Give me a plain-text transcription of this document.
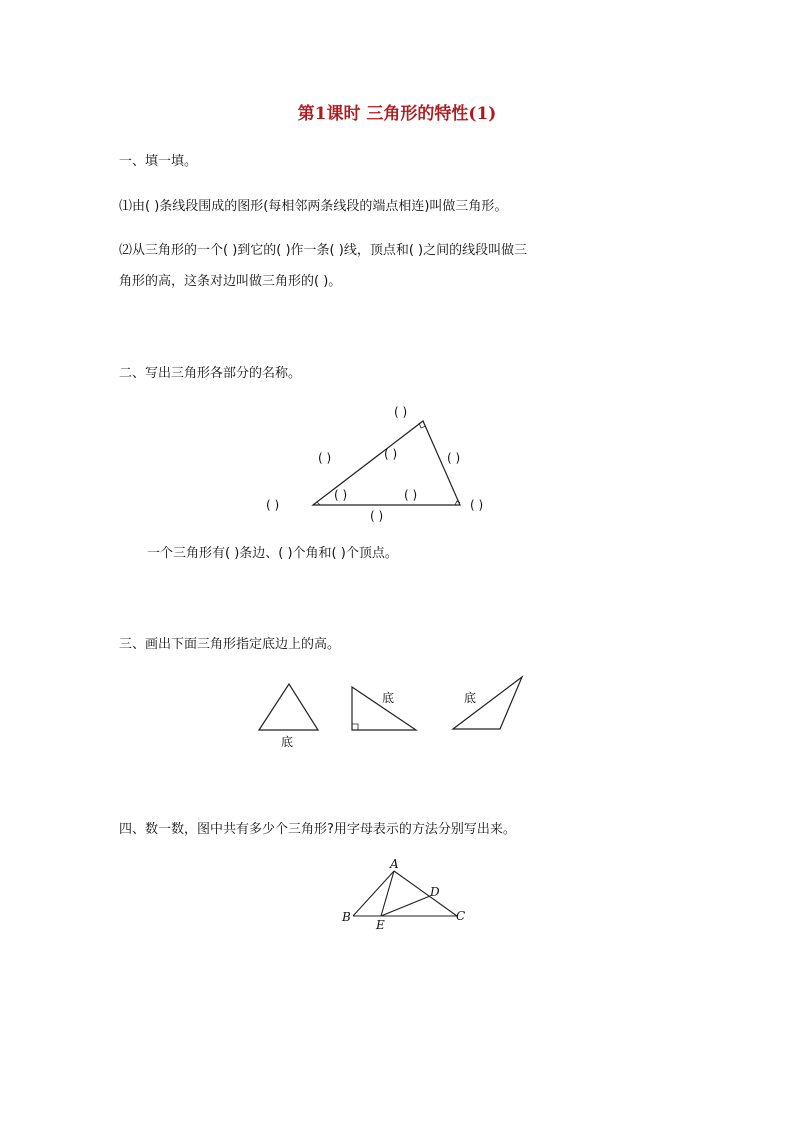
第1课时 三角形的特性(1)
一、填一填。
⑴由( )条线段围成的图形(每相邻两条线段的端点相连)叫做三角形。
⑵从三角形的一个( )到它的( )作一条( )线，顶点和( )之间的线段叫做三
角形的高，这条对边叫做三角形的( )。
二、写出三角形各部分的名称。
( )
( )	( )	( )
( )
( )	( )
( )
( )
一个三角形有( )条边、( )个角和( )个顶点。
三、画出下面三角形指定底边上的高。
底
底	底
四、数一数，图中共有多少个三角形?用字母表示的方法分别写出来。
A
B	C
D
E
